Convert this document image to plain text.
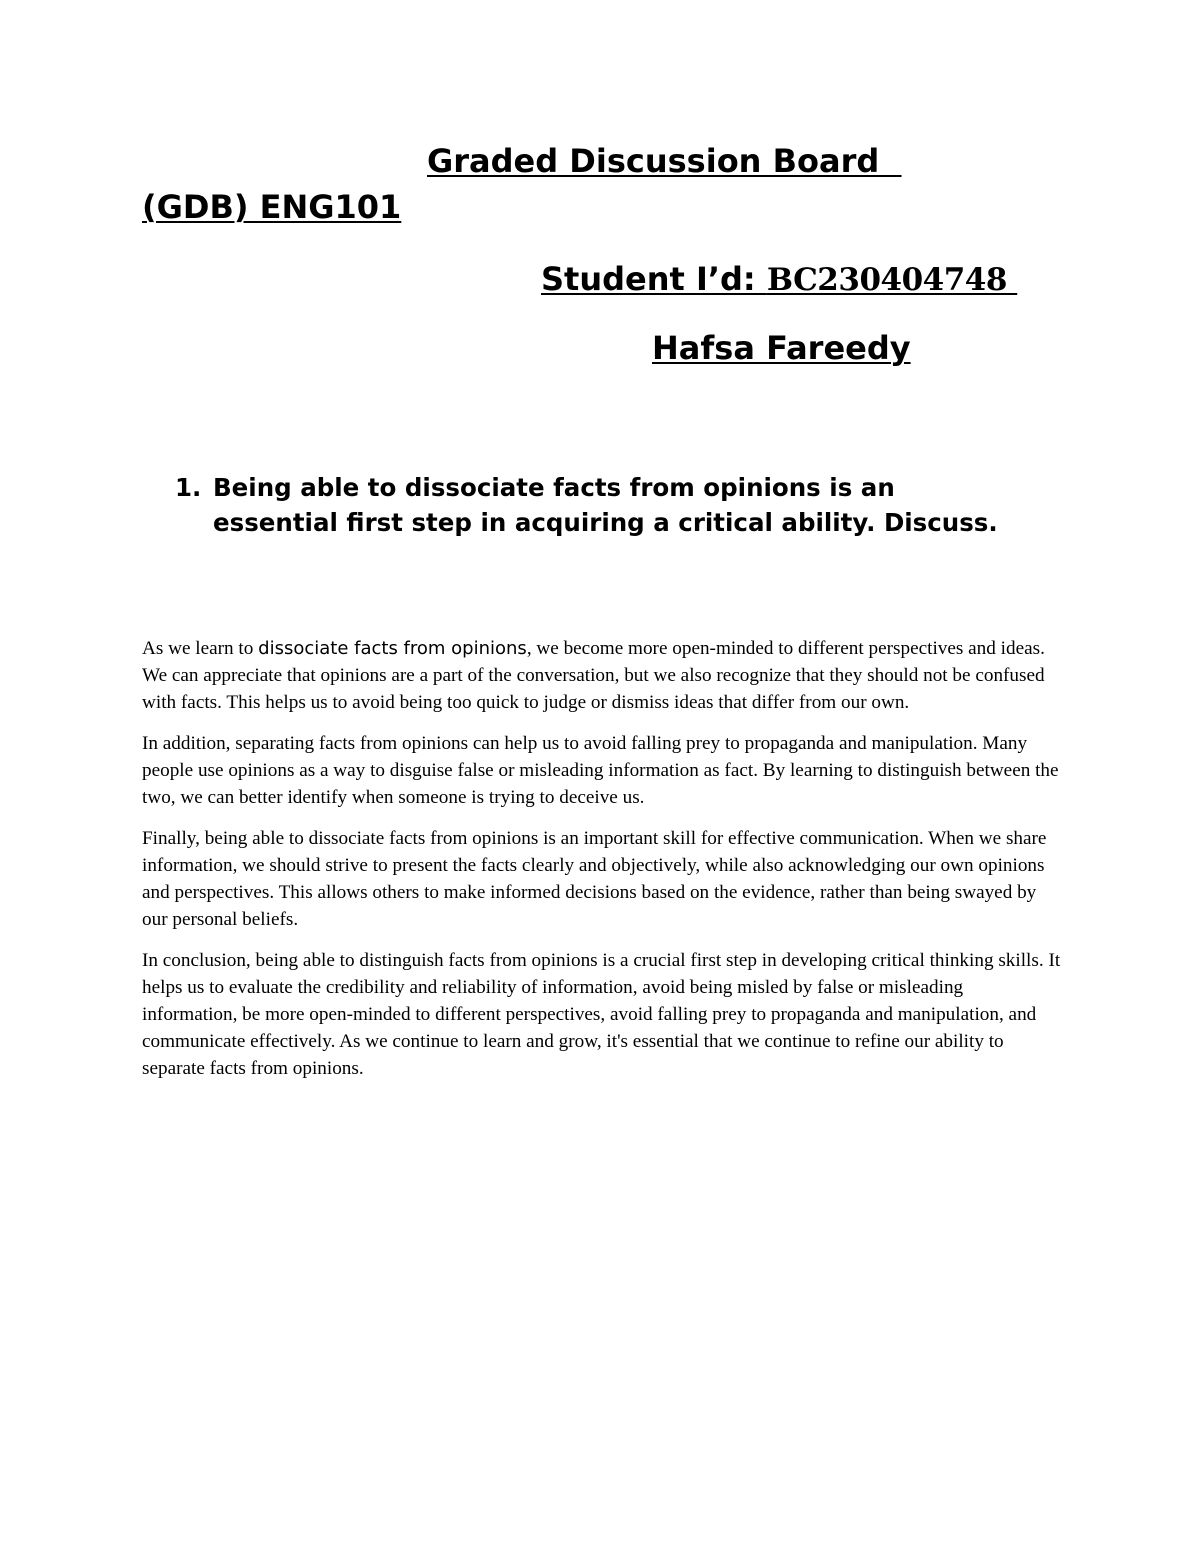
Graded Discussion Board
(GDB) ENG101
Student I’d: BC230404748
Hafsa Fareedy
1. Being able to dissociate facts from opinions is an essential first step in acquiring a critical ability. Discuss.

As we learn to dissociate facts from opinions, we become more open-minded to different perspectives and ideas. We can appreciate that opinions are a part of the conversation, but we also recognize that they should not be confused with facts. This helps us to avoid being too quick to judge or dismiss ideas that differ from our own.

In addition, separating facts from opinions can help us to avoid falling prey to propaganda and manipulation. Many people use opinions as a way to disguise false or misleading information as fact. By learning to distinguish between the two, we can better identify when someone is trying to deceive us.

Finally, being able to dissociate facts from opinions is an important skill for effective communication. When we share information, we should strive to present the facts clearly and objectively, while also acknowledging our own opinions and perspectives. This allows others to make informed decisions based on the evidence, rather than being swayed by our personal beliefs.

In conclusion, being able to distinguish facts from opinions is a crucial first step in developing critical thinking skills. It helps us to evaluate the credibility and reliability of information, avoid being misled by false or misleading information, be more open-minded to different perspectives, avoid falling prey to propaganda and manipulation, and communicate effectively. As we continue to learn and grow, it's essential that we continue to refine our ability to separate facts from opinions.
